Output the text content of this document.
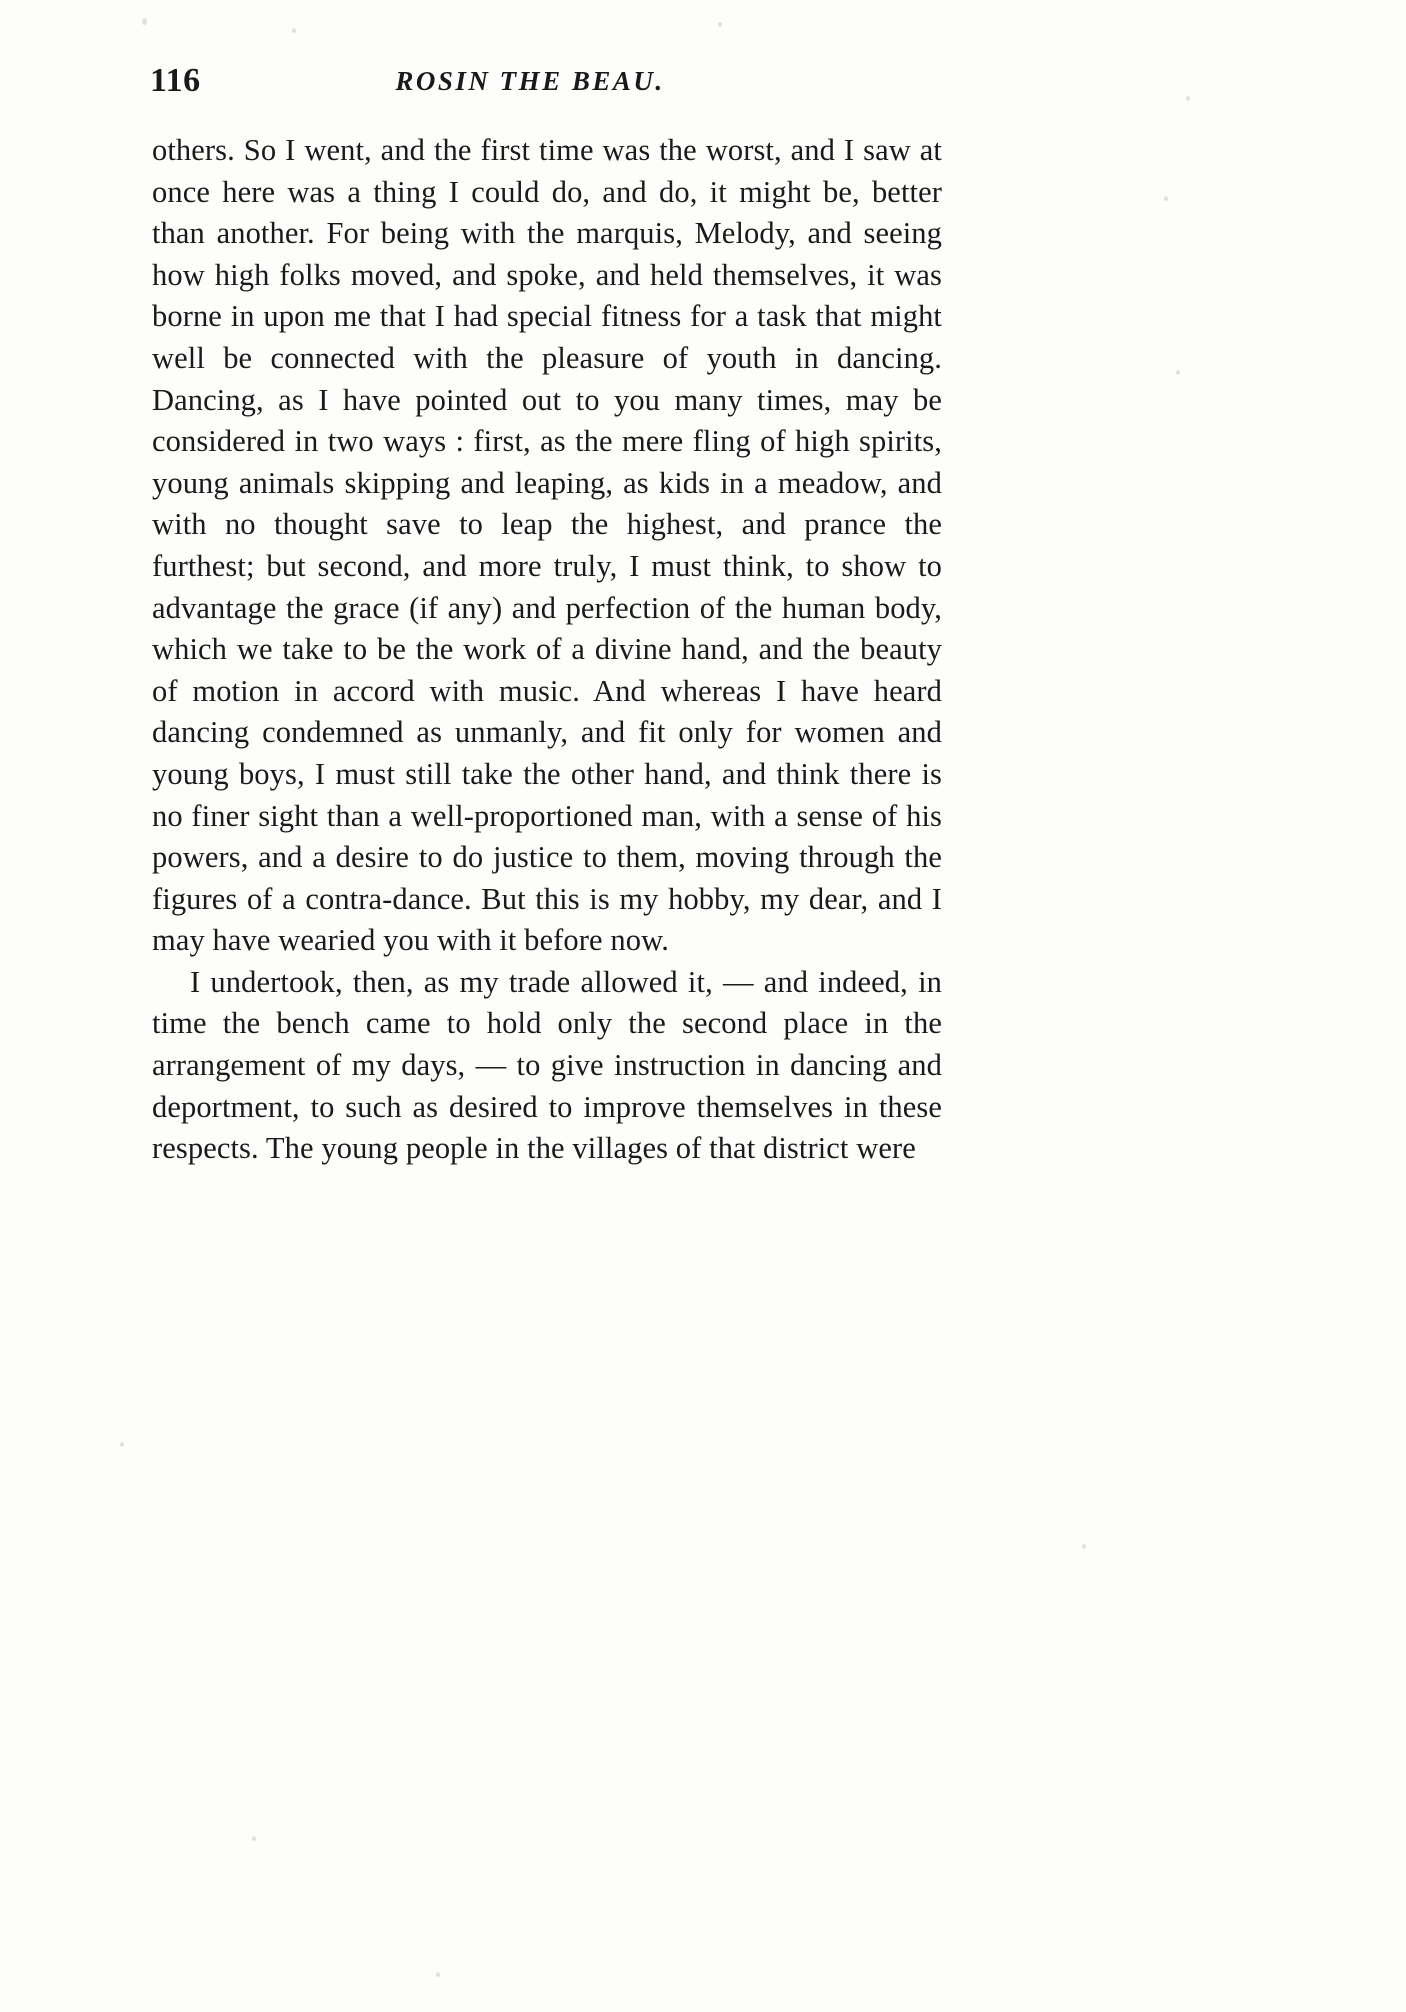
116	ROSIN THE BEAU.

others. So I went, and the first time was the worst, and I saw at once here was a thing I could do, and do, it might be, better than another. For being with the marquis, Melody, and seeing how high folks moved, and spoke, and held themselves, it was borne in upon me that I had special fitness for a task that might well be connected with the pleasure of youth in dancing. Dancing, as I have pointed out to you many times, may be considered in two ways : first, as the mere fling of high spirits, young animals skipping and leaping, as kids in a meadow, and with no thought save to leap the highest, and prance the furthest; but second, and more truly, I must think, to show to advantage the grace (if any) and perfection of the human body, which we take to be the work of a divine hand, and the beauty of motion in accord with music. And whereas I have heard dancing condemned as unmanly, and fit only for women and young boys, I must still take the other hand, and think there is no finer sight than a well-proportioned man, with a sense of his powers, and a desire to do justice to them, moving through the figures of a contra-dance. But this is my hobby, my dear, and I may have wearied you with it before now.

I undertook, then, as my trade allowed it, — and indeed, in time the bench came to hold only the second place in the arrangement of my days, — to give instruction in dancing and deportment, to such as desired to improve themselves in these respects. The young people in the villages of that district were
